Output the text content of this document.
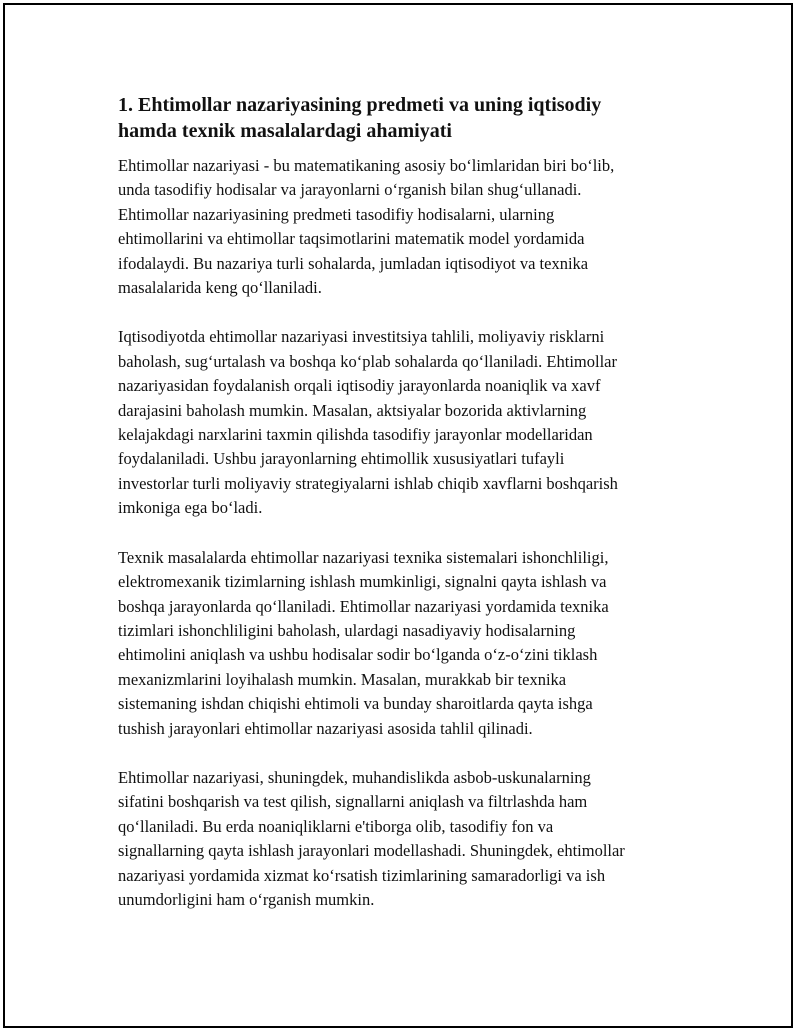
1. Ehtimollar nazariyasining predmeti va uning iqtisodiy
hamda texnik masalalardagi ahamiyati

Ehtimollar nazariyasi - bu matematikaning asosiy bo‘limlaridan biri bo‘lib,
unda tasodifiy hodisalar va jarayonlarni o‘rganish bilan shug‘ullanadi.
Ehtimollar nazariyasining predmeti tasodifiy hodisalarni, ularning
ehtimollarini va ehtimollar taqsimotlarini matematik model yordamida
ifodalaydi. Bu nazariya turli sohalarda, jumladan iqtisodiyot va texnika
masalalarida keng qo‘llaniladi.

Iqtisodiyotda ehtimollar nazariyasi investitsiya tahlili, moliyaviy risklarni
baholash, sug‘urtalash va boshqa ko‘plab sohalarda qo‘llaniladi. Ehtimollar
nazariyasidan foydalanish orqali iqtisodiy jarayonlarda noaniqlik va xavf
darajasini baholash mumkin. Masalan, aktsiyalar bozorida aktivlarning
kelajakdagi narxlarini taxmin qilishda tasodifiy jarayonlar modellaridan
foydalaniladi. Ushbu jarayonlarning ehtimollik xususiyatlari tufayli
investorlar turli moliyaviy strategiyalarni ishlab chiqib xavflarni boshqarish
imkoniga ega bo‘ladi.

Texnik masalalarda ehtimollar nazariyasi texnika sistemalari ishonchliligi,
elektromexanik tizimlarning ishlash mumkinligi, signalni qayta ishlash va
boshqa jarayonlarda qo‘llaniladi. Ehtimollar nazariyasi yordamida texnika
tizimlari ishonchliligini baholash, ulardagi nasadiyaviy hodisalarning
ehtimolini aniqlash va ushbu hodisalar sodir bo‘lganda o‘z-o‘zini tiklash
mexanizmlarini loyihalash mumkin. Masalan, murakkab bir texnika
sistemaning ishdan chiqishi ehtimoli va bunday sharoitlarda qayta ishga
tushish jarayonlari ehtimollar nazariyasi asosida tahlil qilinadi.

Ehtimollar nazariyasi, shuningdek, muhandislikda asbob-uskunalarning
sifatini boshqarish va test qilish, signallarni aniqlash va filtrlashda ham
qo‘llaniladi. Bu erda noaniqliklarni e'tiborga olib, tasodifiy fon va
signallarning qayta ishlash jarayonlari modellashadi. Shuningdek, ehtimollar
nazariyasi yordamida xizmat ko‘rsatish tizimlarining samaradorligi va ish
unumdorligini ham o‘rganish mumkin.
